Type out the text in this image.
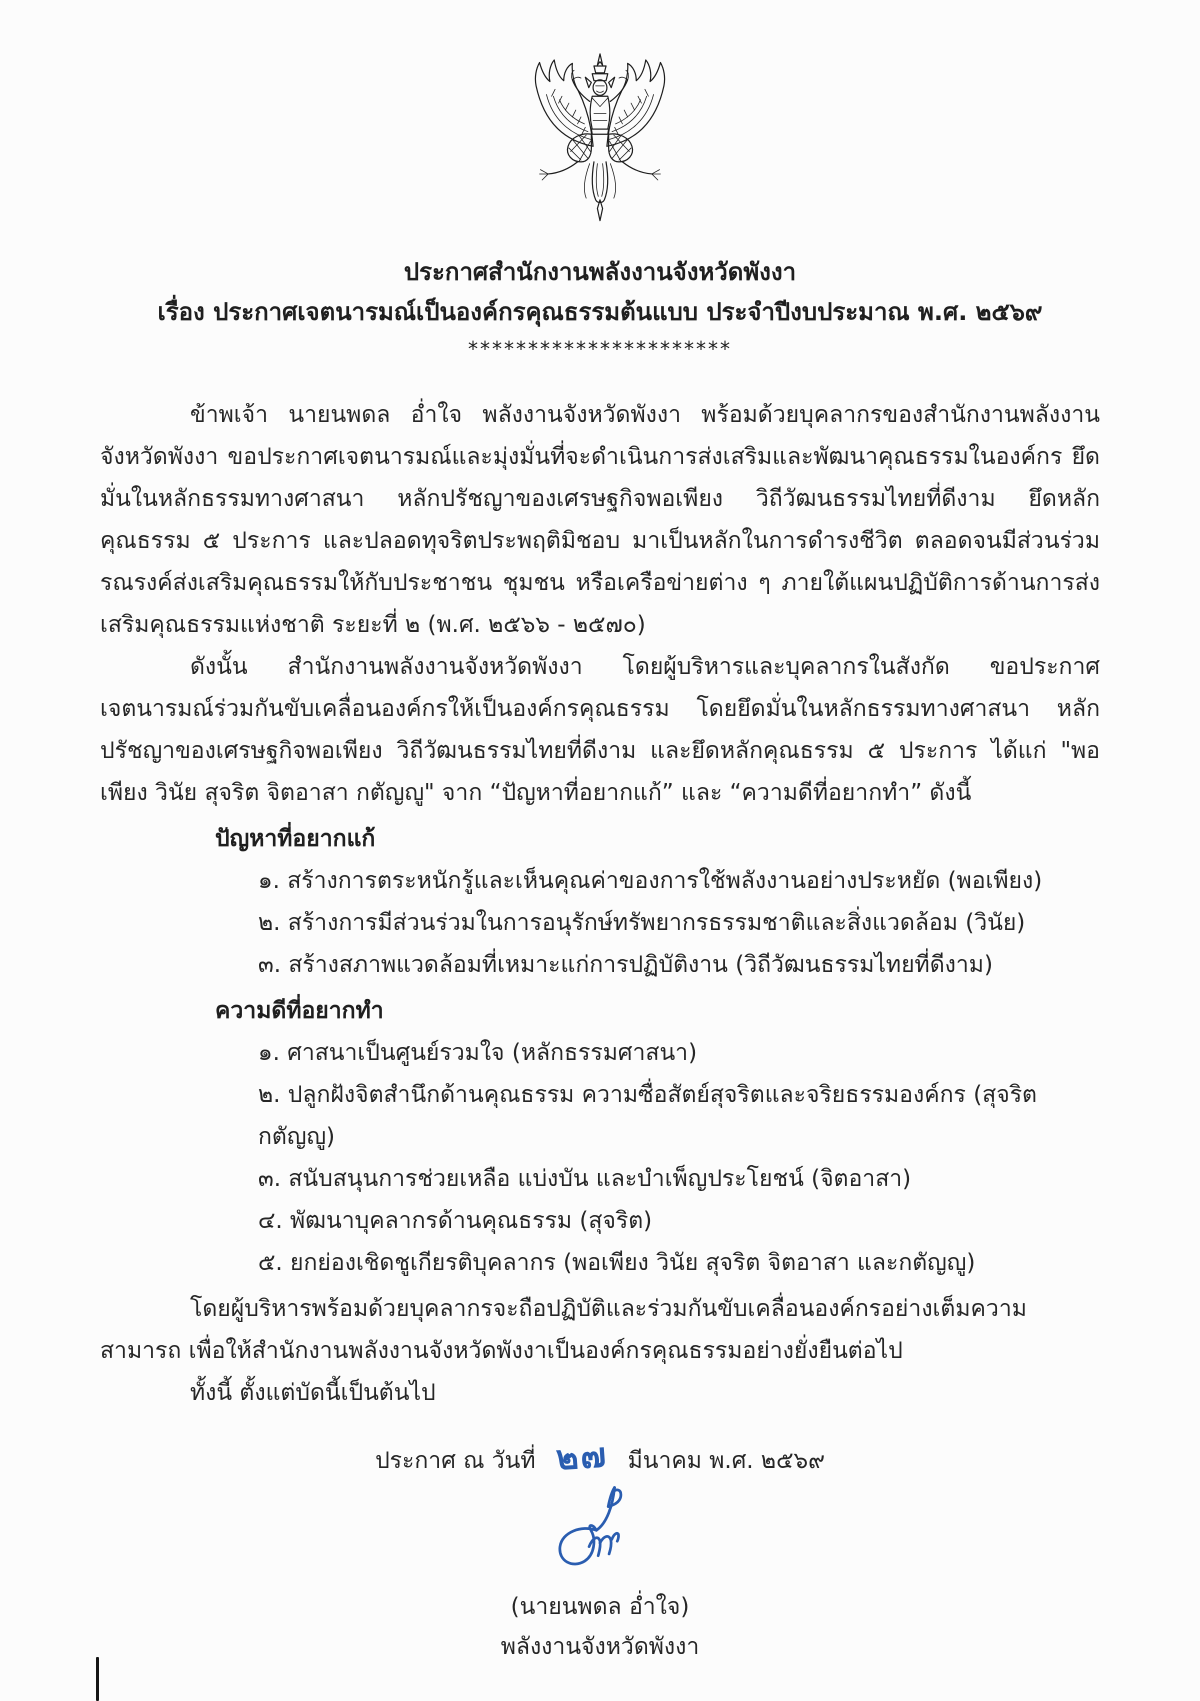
ประกาศสำนักงานพลังงานจังหวัดพังงา
เรื่อง ประกาศเจตนารมณ์เป็นองค์กรคุณธรรมต้นแบบ ประจำปีงบประมาณ พ.ศ. ๒๕๖๙
**********************

ข้าพเจ้า นายนพดล อ่ำใจ พลังงานจังหวัดพังงา พร้อมด้วยบุคลากรของสำนักงานพลังงานจังหวัดพังงา ขอประกาศเจตนารมณ์และมุ่งมั่นที่จะดำเนินการส่งเสริมและพัฒนาคุณธรรมในองค์กร ยึดมั่นในหลักธรรมทางศาสนา หลักปรัชญาของเศรษฐกิจพอเพียง วิถีวัฒนธรรมไทยที่ดีงาม ยึดหลักคุณธรรม ๕ ประการ และปลอดทุจริตประพฤติมิชอบ มาเป็นหลักในการดำรงชีวิต ตลอดจนมีส่วนร่วมรณรงค์ส่งเสริมคุณธรรมให้กับประชาชน ชุมชน หรือเครือข่ายต่าง ๆ ภายใต้แผนปฏิบัติการด้านการส่งเสริมคุณธรรมแห่งชาติ ระยะที่ ๒ (พ.ศ. ๒๕๖๖ - ๒๕๗๐)

ดังนั้น สำนักงานพลังงานจังหวัดพังงา โดยผู้บริหารและบุคลากรในสังกัด ขอประกาศเจตนารมณ์ร่วมกันขับเคลื่อนองค์กรให้เป็นองค์กรคุณธรรม โดยยึดมั่นในหลักธรรมทางศาสนา หลักปรัชญาของเศรษฐกิจพอเพียง วิถีวัฒนธรรมไทยที่ดีงาม และยึดหลักคุณธรรม ๕ ประการ ได้แก่ "พอเพียง วินัย สุจริต จิตอาสา กตัญญู" จาก “ปัญหาที่อยากแก้” และ “ความดีที่อยากทำ” ดังนี้

ปัญหาที่อยากแก้
๑. สร้างการตระหนักรู้และเห็นคุณค่าของการใช้พลังงานอย่างประหยัด (พอเพียง)
๒. สร้างการมีส่วนร่วมในการอนุรักษ์ทรัพยากรธรรมชาติและสิ่งแวดล้อม (วินัย)
๓. สร้างสภาพแวดล้อมที่เหมาะแก่การปฏิบัติงาน (วิถีวัฒนธรรมไทยที่ดีงาม)
ความดีที่อยากทำ
๑. ศาสนาเป็นศูนย์รวมใจ (หลักธรรมศาสนา)
๒. ปลูกฝังจิตสำนึกด้านคุณธรรม ความซื่อสัตย์สุจริตและจริยธรรมองค์กร (สุจริต กตัญญู)
๓. สนับสนุนการช่วยเหลือ แบ่งบัน และบำเพ็ญประโยชน์ (จิตอาสา)
๔. พัฒนาบุคลากรด้านคุณธรรม (สุจริต)
๕. ยกย่องเชิดชูเกียรติบุคลากร (พอเพียง วินัย สุจริต จิตอาสา และกตัญญู)

โดยผู้บริหารพร้อมด้วยบุคลากรจะถือปฏิบัติและร่วมกันขับเคลื่อนองค์กรอย่างเต็มความสามารถ เพื่อให้สำนักงานพลังงานจังหวัดพังงาเป็นองค์กรคุณธรรมอย่างยั่งยืนต่อไป

ทั้งนี้ ตั้งแต่บัดนี้เป็นต้นไป

ประกาศ ณ วันที่ ๒๗ มีนาคม พ.ศ. ๒๕๖๙
(นายนพดล อ่ำใจ)
พลังงานจังหวัดพังงา
